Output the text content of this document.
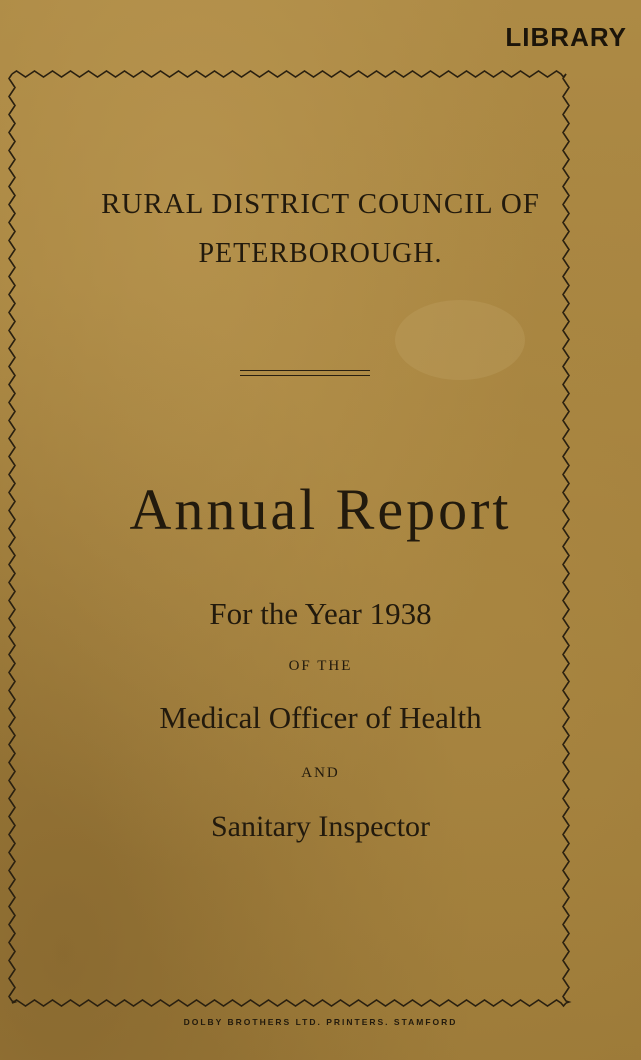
LIBRARY
RURAL DISTRICT COUNCIL OF
PETERBOROUGH.
Annual Report
For the Year 1938
OF THE
Medical Officer of Health
AND
Sanitary Inspector
DOLBY BROTHERS LTD. PRINTERS. STAMFORD
